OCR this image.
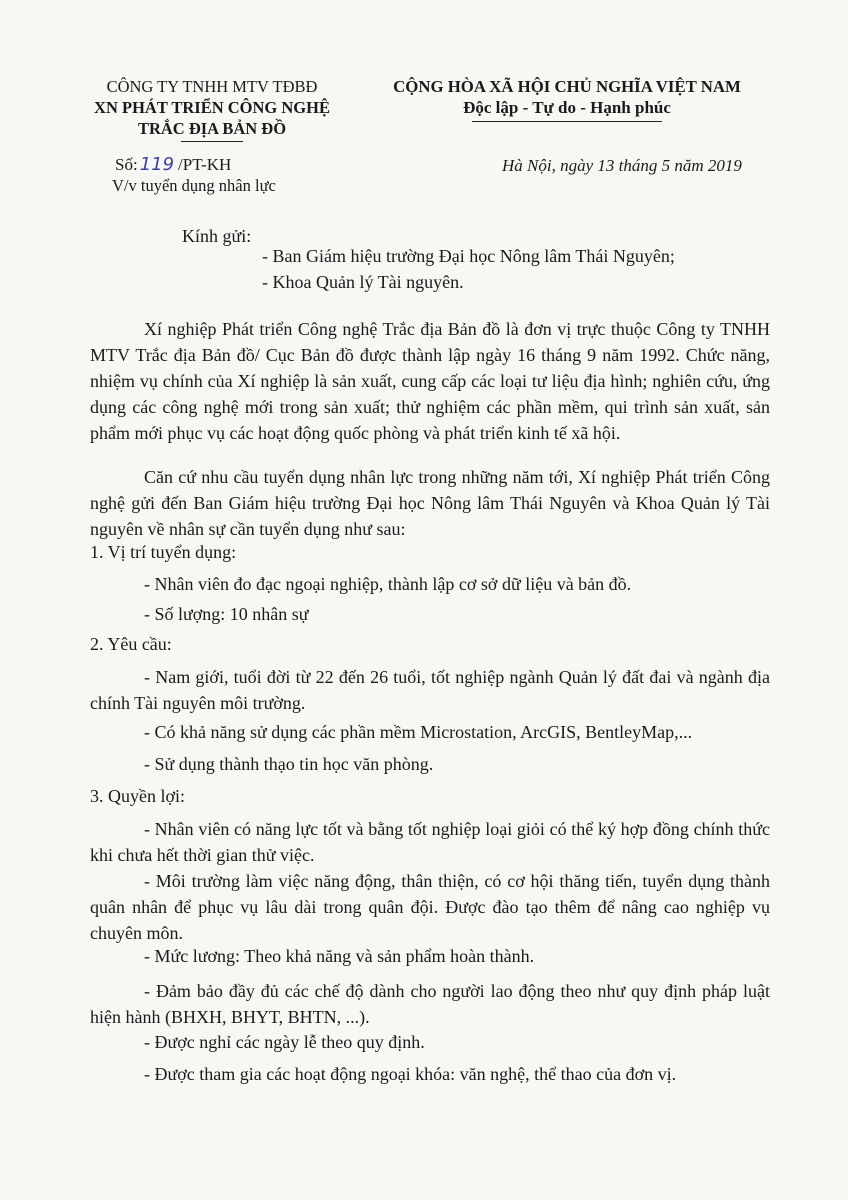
CÔNG TY TNHH MTV TĐBĐ
XN PHÁT TRIỂN CÔNG NGHỆ
TRẮC ĐỊA BẢN ĐỒ
CỘNG HÒA XÃ HỘI CHỦ NGHĨA VIỆT NAM
Độc lập - Tự do - Hạnh phúc
Số: 119 /PT-KH
V/v tuyển dụng nhân lực
Hà Nội, ngày 13 tháng 5 năm 2019
Kính gửi:
- Ban Giám hiệu trường Đại học Nông lâm Thái Nguyên;
- Khoa Quản lý Tài nguyên.
Xí nghiệp Phát triển Công nghệ Trắc địa Bản đồ là đơn vị trực thuộc Công ty TNHH MTV Trắc địa Bản đồ/ Cục Bản đồ được thành lập ngày 16 tháng 9 năm 1992. Chức năng, nhiệm vụ chính của Xí nghiệp là sản xuất, cung cấp các loại tư liệu địa hình; nghiên cứu, ứng dụng các công nghệ mới trong sản xuất; thử nghiệm các phần mềm, qui trình sản xuất, sản phẩm mới phục vụ các hoạt động quốc phòng và phát triển kinh tế xã hội.
Căn cứ nhu cầu tuyển dụng nhân lực trong những năm tới, Xí nghiệp Phát triển Công nghệ gửi đến Ban Giám hiệu trường Đại học Nông lâm Thái Nguyên và Khoa Quản lý Tài nguyên về nhân sự cần tuyển dụng như sau:
1. Vị trí tuyển dụng:
- Nhân viên đo đạc ngoại nghiệp, thành lập cơ sở dữ liệu và bản đồ.
- Số lượng: 10 nhân sự
2. Yêu cầu:
- Nam giới, tuổi đời từ 22 đến 26 tuổi, tốt nghiệp ngành Quản lý đất đai và ngành địa chính Tài nguyên môi trường.
- Có khả năng sử dụng các phần mềm Microstation, ArcGIS, BentleyMap,...
- Sử dụng thành thạo tin học văn phòng.
3. Quyền lợi:
- Nhân viên có năng lực tốt và bằng tốt nghiệp loại giỏi có thể ký hợp đồng chính thức khi chưa hết thời gian thử việc.
- Môi trường làm việc năng động, thân thiện, có cơ hội thăng tiến, tuyển dụng thành quân nhân để phục vụ lâu dài trong quân đội. Được đào tạo thêm để nâng cao nghiệp vụ chuyên môn.
- Mức lương: Theo khả năng và sản phẩm hoàn thành.
- Đảm bảo đầy đủ các chế độ dành cho người lao động theo như quy định pháp luật hiện hành (BHXH, BHYT, BHTN, ...).
- Được nghỉ các ngày lễ theo quy định.
- Được tham gia các hoạt động ngoại khóa: văn nghệ, thể thao của đơn vị.
